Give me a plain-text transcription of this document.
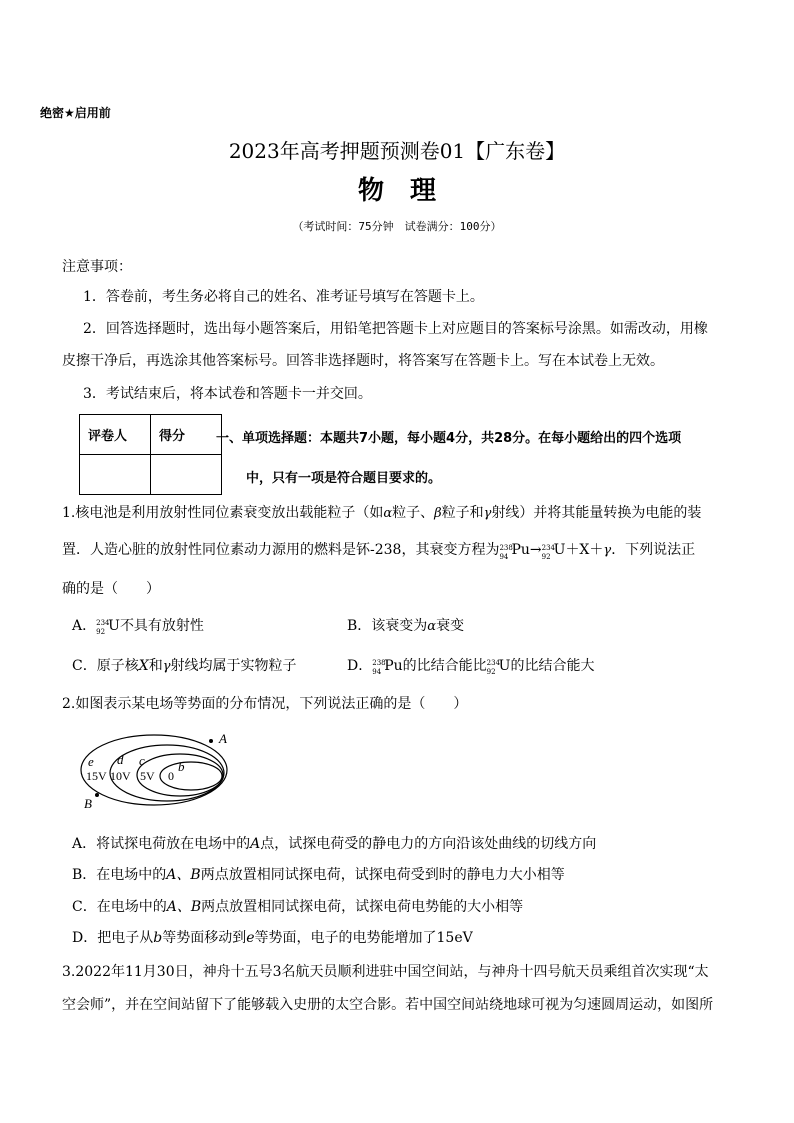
绝密★启用前
2023年高考押题预测卷01【广东卷】
物理
（考试时间：75分钟　试卷满分：100分）
注意事项：
1．答卷前，考生务必将自己的姓名、准考证号填写在答题卡上。
2．回答选择题时，选出每小题答案后，用铅笔把答题卡上对应题目的答案标号涂黑。如需改动，用橡
皮擦干净后，再选涂其他答案标号。回答非选择题时，将答案写在答题卡上。写在本试卷上无效。
3．考试结束后，将本试卷和答题卡一并交回。
评卷人	得分
	一、单项选择题：本题共7小题，每小题4分，共28分。在每小题给出的四个选项
中，只有一项是符合题目要求的。
1.核电池是利用放射性同位素衰变放出载能粒子（如α粒子、β粒子和γ射线）并将其能量转换为电能的装
置．人造心脏的放射性同位素动力源用的燃料是钚-238，其衰变方程为 238
94 Pu→ 234
92 U＋X＋γ．下列说法正
确的是（　　）
A． 234
92 U不具有放射性	B．该衰变为α衰变
C．原子核X和γ射线均属于实物粒子	D． 238
94 Pu的比结合能比 234
92 U的比结合能大
2.如图表示某电场等势面的分布情况，下列说法正确的是（　　）
A
B
e d c	b
15V 10V 5V 0
A．将试探电荷放在电场中的A点，试探电荷受的静电力的方向沿该处曲线的切线方向
B．在电场中的A、B两点放置相同试探电荷，试探电荷受到时的静电力大小相等
C．在电场中的A、B两点放置相同试探电荷，试探电荷电势能的大小相等
D．把电子从b等势面移动到e等势面，电子的电势能增加了15eV
3.2022年11月30日，神舟十五号3名航天员顺利进驻中国空间站，与神舟十四号航天员乘组首次实现“太
空会师”，并在空间站留下了能够载入史册的太空合影。若中国空间站绕地球可视为匀速圆周运动，如图所
